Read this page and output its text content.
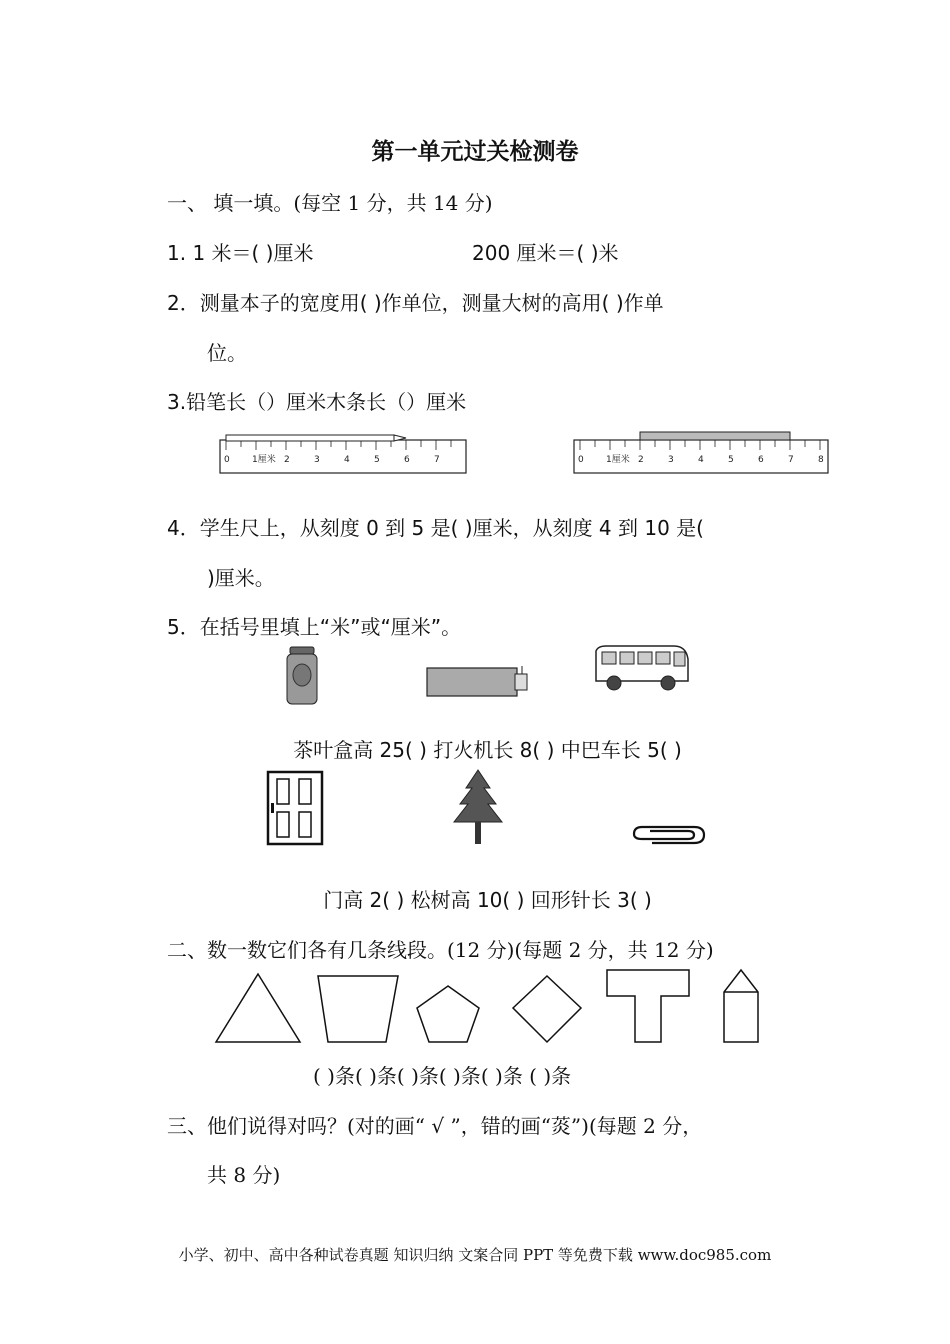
第一单元过关检测卷
一、 填一填。(每空 1 分，共 14 分)
1. 1 米＝( )厘米	200 厘米＝( )米
2．测量本子的宽度用( )作单位，测量大树的高用( )作单
位。
3.铅笔长（）厘米木条长（）厘米
0 1厘米 2	3	4	5	6	7	0 1厘米 2	3	4	5	6	7	8
4．学生尺上，从刻度 0 到 5 是( )厘米，从刻度 4 到 10 是(
)厘米。
5．在括号里填上“米”或“厘米”。
茶叶盒高 25( ) 打火机长 8( ) 中巴车长 5( )
门高 2( ) 松树高 10( ) 回形针长 3( )
二、数一数它们各有几条线段。(12 分)(每题 2 分，共 12 分)
( )条( )条( )条( )条( )条 ( )条
三、他们说得对吗？(对的画“ √ ”，错的画“菼”)(每题 2 分，
共 8 分)
小学、初中、高中各种试卷真题 知识归纳 文案合同 PPT 等免费下载 www.doc985.com
